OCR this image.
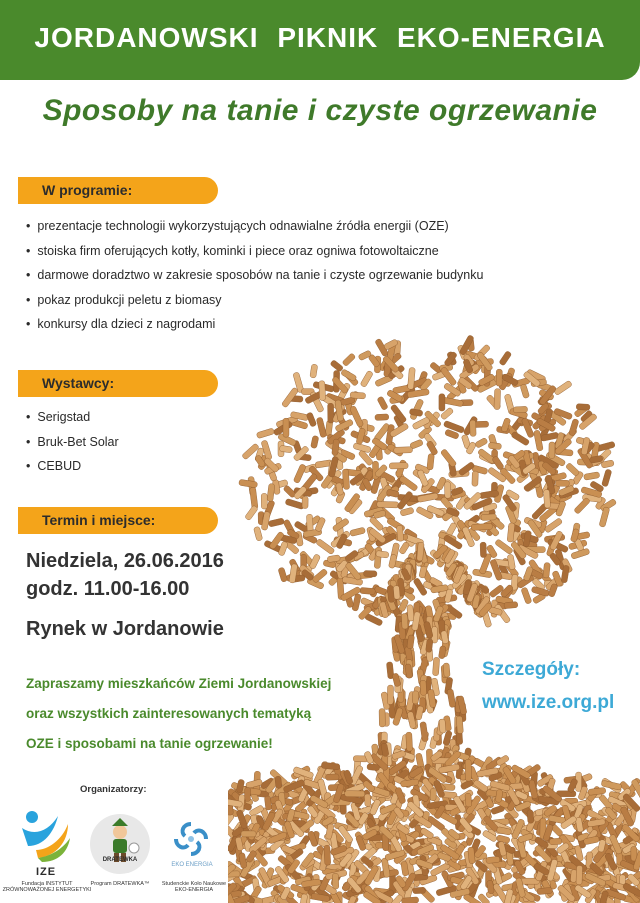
JORDANOWSKI PIKNIK EKO-ENERGIA
Sposoby na tanie i czyste ogrzewanie
W programie:
• prezentacje technologii wykorzystujących odnawialne źródła energii (OZE)
• stoiska firm oferujących kotły, kominki i piece oraz ogniwa fotowoltaiczne
• darmowe doradztwo w zakresie sposobów na tanie i czyste ogrzewanie budynku
• pokaz produkcji peletu z biomasy
• konkursy dla dzieci z nagrodami
Wystawcy:
• Serigstad
• Bruk-Bet Solar
• CEBUD
Termin i miejsce:
Niedziela, 26.06.2016
godz. 11.00-16.00
Rynek w Jordanowie
Zapraszamy mieszkańców Ziemi Jordanowskiej
oraz wszystkich zainteresowanych tematyką
OZE i sposobami na tanie ogrzewanie!
Szczegóły:
www.ize.org.pl
Organizatorzy:
IZE
Fundacja INSTYTUT
ZRÓWNOWAŻONEJ ENERGETYKI
DRATEWKA
Program DRATEWKA™
EKO ENERGIA
Studenckie Koło Naukowe
EKO-ENERGIA
